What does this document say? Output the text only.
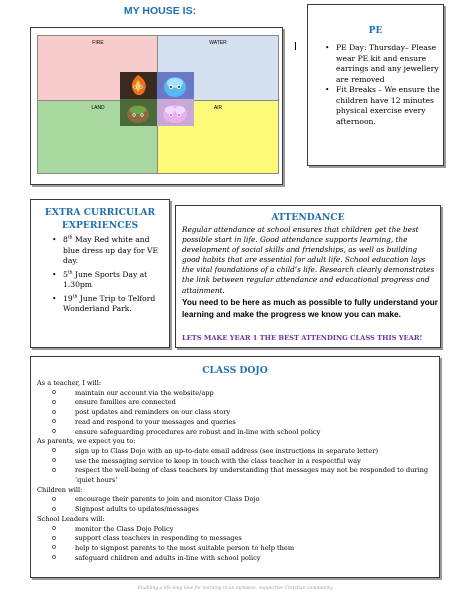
MY HOUSE IS:
FIRE	WATER
LAND	AIR
PE
• PE Day: Thursday– Please wear PE kit and ensure earrings and any jewellery are removed
• Fit Breaks – We ensure the children have 12 minutes physical exercise every afternoon.
EXTRA CURRICULAR
EXPERIENCES
• 8th May Red white and blue dress up day for VE day.
• 5th June Sports Day at 1.30pm
• 19th June Trip to Telford Wonderland Park.
ATTENDANCE
Regular attendance at school ensures that children get the best possible start in life. Good attendance supports learning, the development of social skills and friendships, as well as building good habits that are essential for adult life. School education lays the vital foundations of a child’s life. Research clearly demonstrates the link between regular attendance and educational progress and attainment.
You need to be here as much as possible to fully understand your learning and make the progress we know you can make.
LETS MAKE YEAR 1 THE BEST ATTENDING CLASS THIS YEAR!
CLASS DOJO

As a teacher, I will:

o maintain our account via the website/app
o ensure families are connected
o post updates and reminders on our class story
o read and respond to your messages and queries
o ensure safeguarding procedures are robust and in-line with school policy

As parents, we expect you to:

o sign up to Class Dojo with an up-to-date email address (see instructions in separate letter)
o use the messaging service to keep in touch with the class teacher in a respectful way
o respect the well-being of class teachers by understanding that messages may not be responded to during ‘quiet hours’

Children will:

o encourage their parents to join and monitor Class Dojo
o Signpost adults to updates/messages

School Leaders will:

o monitor the Class Dojo Policy
o support class teachers in responding to messages
o help to signpost parents to the most suitable person to help them
o safeguard children and adults in-line with school policy
Enabling a life-long love for learning in an inclusive, supportive Christian community.
